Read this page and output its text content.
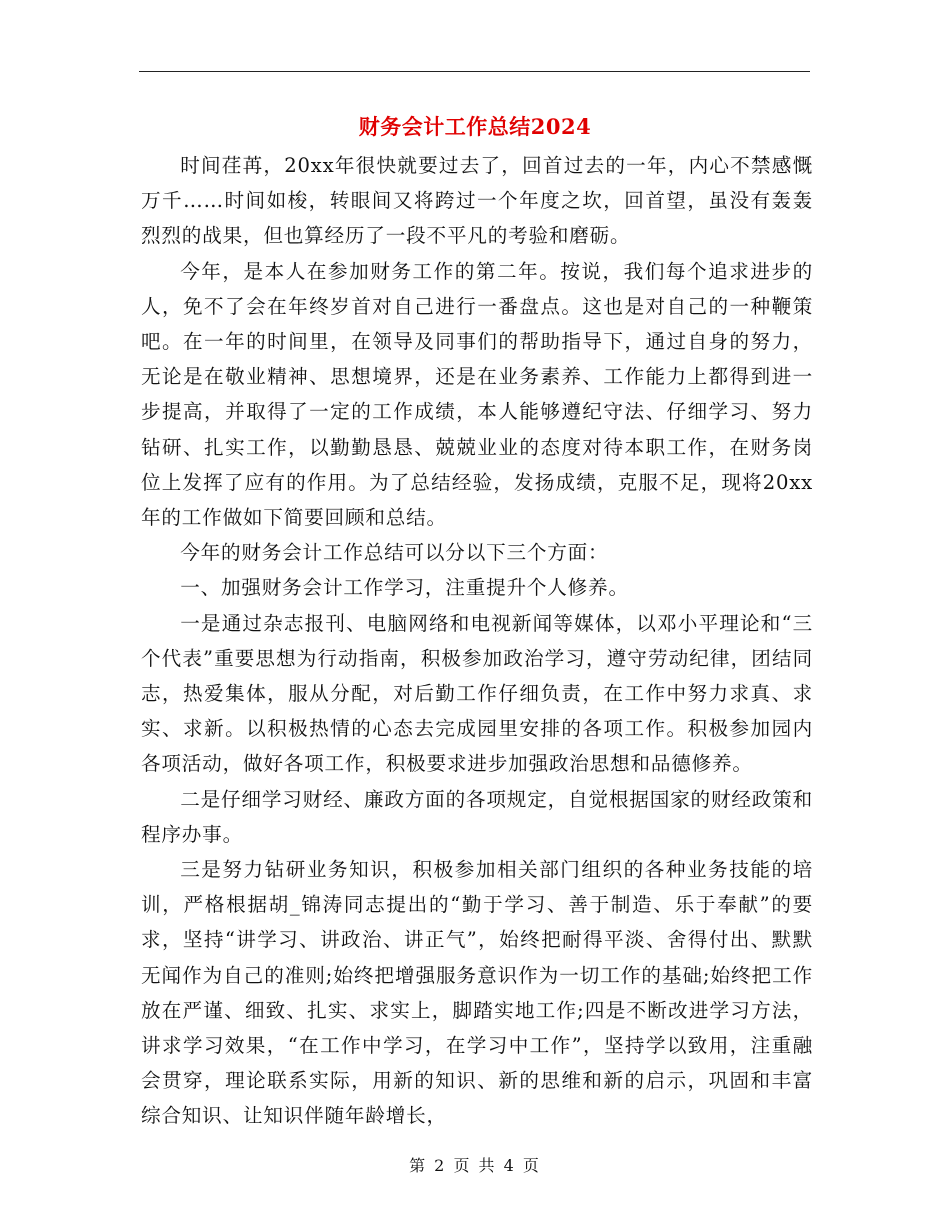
财务会计工作总结2024

时间荏苒，20xx年很快就要过去了，回首过去的一年，内心不禁感慨万千……时间如梭，转眼间又将跨过一个年度之坎，回首望，虽没有轰轰烈烈的战果，但也算经历了一段不平凡的考验和磨砺。

今年，是本人在参加财务工作的第二年。按说，我们每个追求进步的人，免不了会在年终岁首对自己进行一番盘点。这也是对自己的一种鞭策吧。在一年的时间里，在领导及同事们的帮助指导下，通过自身的努力，无论是在敬业精神、思想境界，还是在业务素养、工作能力上都得到进一步提高，并取得了一定的工作成绩，本人能够遵纪守法、仔细学习、努力钻研、扎实工作，以勤勤恳恳、兢兢业业的态度对待本职工作，在财务岗位上发挥了应有的作用。为了总结经验，发扬成绩，克服不足，现将20xx年的工作做如下简要回顾和总结。

今年的财务会计工作总结可以分以下三个方面：

一、加强财务会计工作学习，注重提升个人修养。

一是通过杂志报刊、电脑网络和电视新闻等媒体，以邓小平理论和“三个代表”重要思想为行动指南，积极参加政治学习，遵守劳动纪律，团结同志，热爱集体，服从分配，对后勤工作仔细负责，在工作中努力求真、求实、求新。以积极热情的心态去完成园里安排的各项工作。积极参加园内各项活动，做好各项工作，积极要求进步加强政治思想和品德修养。

二是仔细学习财经、廉政方面的各项规定，自觉根据国家的财经政策和程序办事。

三是努力钻研业务知识，积极参加相关部门组织的各种业务技能的培训，严格根据胡_锦涛同志提出的“勤于学习、善于制造、乐于奉献”的要求，坚持“讲学习、讲政治、讲正气”，始终把耐得平淡、舍得付出、默默无闻作为自己的准则;始终把增强服务意识作为一切工作的基础;始终把工作放在严谨、细致、扎实、求实上，脚踏实地工作;四是不断改进学习方法，讲求学习效果，“在工作中学习，在学习中工作”，坚持学以致用，注重融会贯穿，理论联系实际，用新的知识、新的思维和新的启示，巩固和丰富综合知识、让知识伴随年龄增长，

第 2 页 共 4 页
